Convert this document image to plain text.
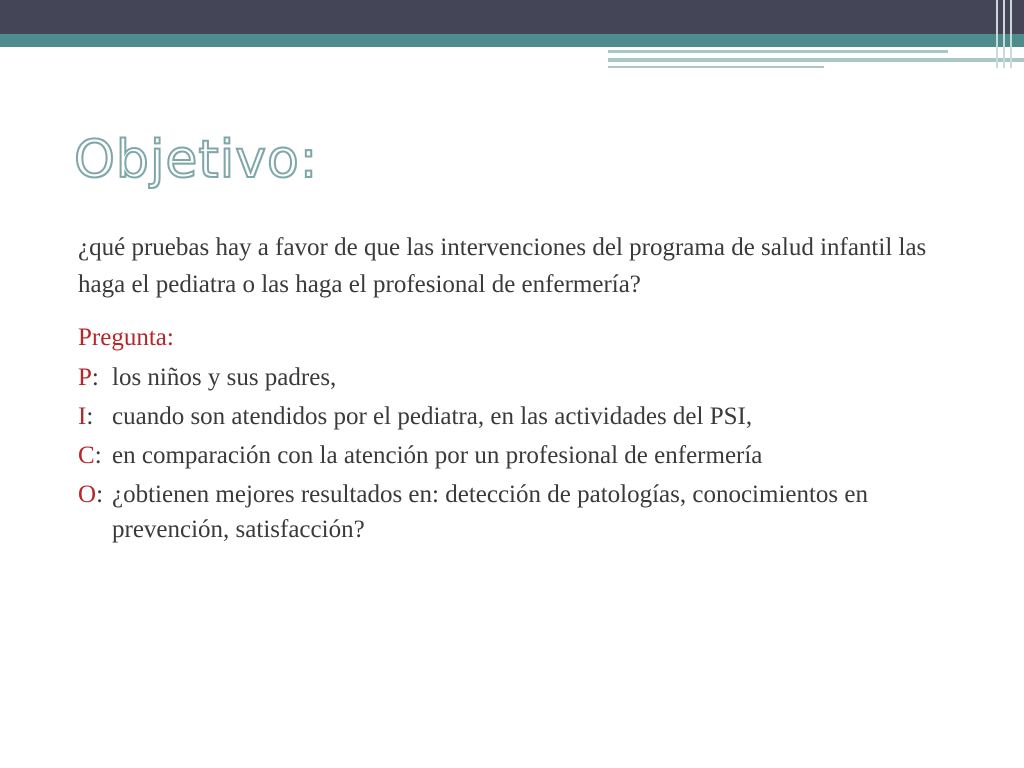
Objetivo:

¿qué pruebas hay a favor de que las intervenciones del programa de salud infantil las haga el pediatra o las haga el profesional de enfermería?

Pregunta:

P: los niños y sus padres,
I: cuando son atendidos por el pediatra, en las actividades del PSI,
C: en comparación con la atención por un profesional de enfermería
O: ¿obtienen mejores resultados en: detección de patologías, conocimientos en prevención, satisfacción?
